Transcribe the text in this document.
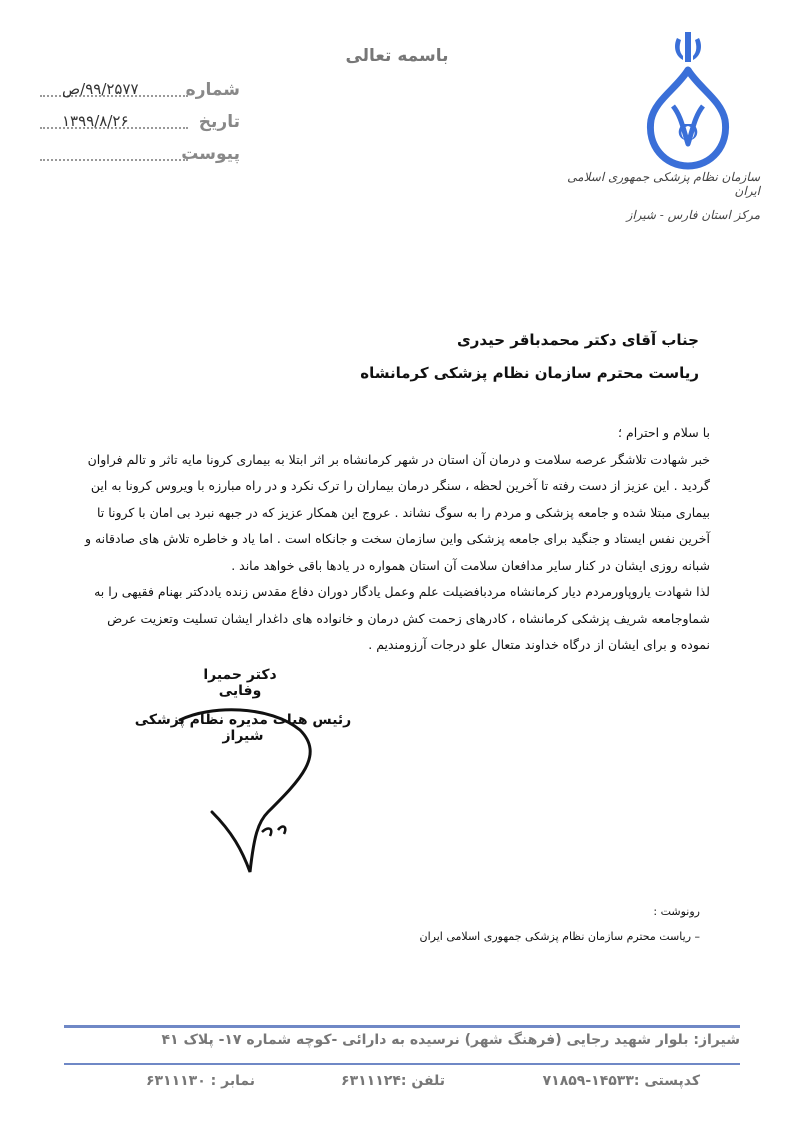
باسمه تعالی
شماره
۹۹/۲۵۷۷/ص
تاریخ
۱۳۹۹/۸/۲۶
پیوست
سازمان نظام پزشکی جمهوری اسلامی ایران
مرکز استان فارس - شیراز
جناب آقای دکتر محمدباقر حیدری
ریاست محترم سازمان نظام پزشکی کرمانشاه

با سلام و احترام ؛

خبر شهادت تلاشگر عرصه سلامت و درمان آن استان در شهر کرمانشاه بر اثر ابتلا به بیماری کرونا مایه تاثر و تالم فراوان گردید . این عزیز از دست رفته تا آخرین لحظه ، سنگر درمان بیماران را ترک نکرد و در راه مبارزه با ویروس کرونا به این بیماری مبتلا شده و جامعه پزشکی و مردم را به سوگ نشاند . عروج این همکار عزیز که در جبهه نبرد بی امان با کرونا تا آخرین نفس ایستاد و جنگید برای جامعه پزشکی واین سازمان سخت و جانکاه است . اما یاد و خاطره تلاش های صادقانه و شبانه روزی ایشان در کنار سایر مدافعان سلامت آن استان همواره در یادها باقی خواهد ماند .

لذا شهادت یاروپاورمردم دیار کرمانشاه مردبافضیلت علم وعمل یادگار دوران دفاع مقدس زنده یاددکتر بهنام فقیهی را به شماوجامعه شریف پزشکی کرمانشاه ، کادرهای زحمت کش درمان و خانواده های داغدار ایشان تسلیت وتعزیت عرض نموده و برای ایشان از درگاه خداوند متعال علو درجات آرزومندیم .

دکتر حمیرا وفایی
رئیس هیات مدیره نظام پزشکی شیراز
رونوشت :
– ریاست محترم سازمان نظام پزشکی جمهوری اسلامی ایران
شیراز: بلوار شهید رجایی (فرهنگ شهر) نرسیده به دارائی -کوچه شماره ۱۷- پلاک ۴۱
کدپستی :۱۴۵۳۳-۷۱۸۵۹
تلفن :۶۳۱۱۱۲۴
نمابر : ۶۳۱۱۱۳۰
